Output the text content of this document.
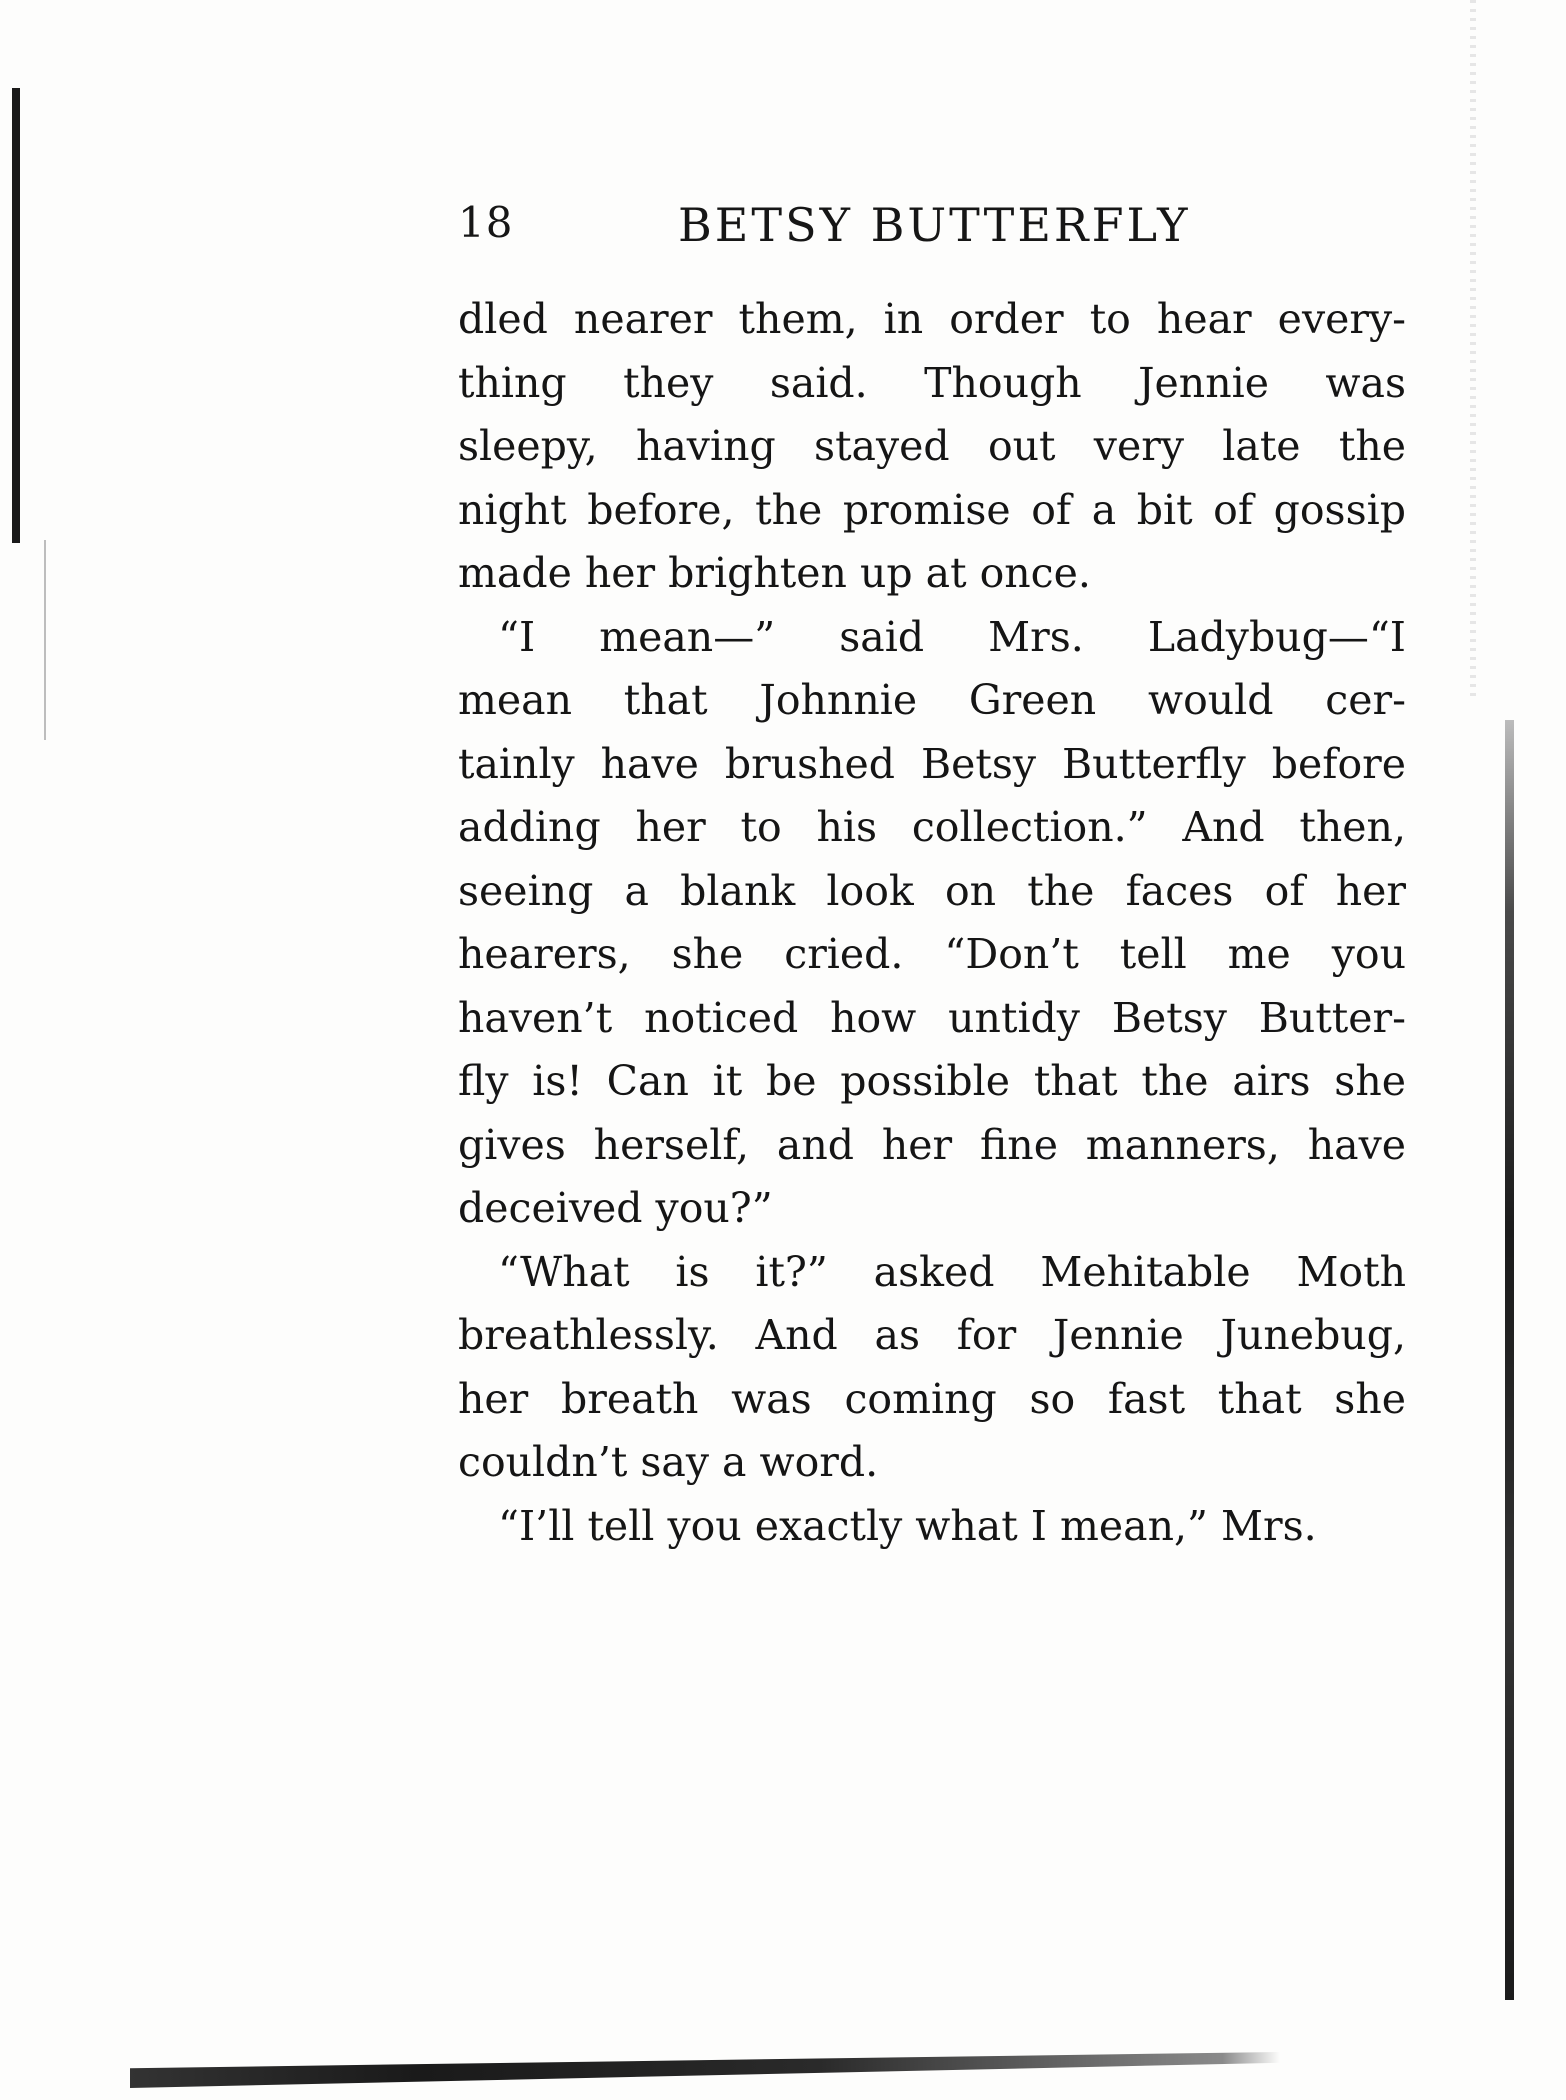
18	BETSY BUTTERFLY
dled nearer them, in order to hear every-
thing they said. Though Jennie was
sleepy, having stayed out very late the
night before, the promise of a bit of gossip
made her brighten up at once.
“I mean—” said Mrs. Ladybug—“I
mean that Johnnie Green would cer-
tainly have brushed Betsy Butterfly before
adding her to his collection.” And then,
seeing a blank look on the faces of her
hearers, she cried. “Don’t tell me you
haven’t noticed how untidy Betsy Butter-
fly is! Can it be possible that the airs she
gives herself, and her fine manners, have
deceived you?”
“What is it?” asked Mehitable Moth
breathlessly. And as for Jennie Junebug,
her breath was coming so fast that she
couldn’t say a word.
“I’ll tell you exactly what I mean,” Mrs.
